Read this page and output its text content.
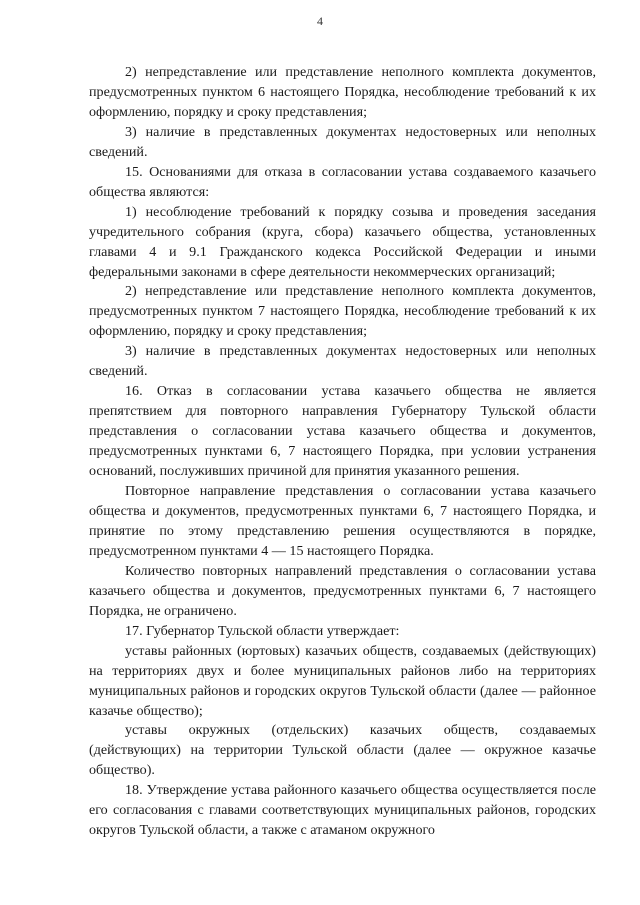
4

2) непредставление или представление неполного комплекта документов, предусмотренных пунктом 6 настоящего Порядка, несоблюдение требований к их оформлению, порядку и сроку представления;

3) наличие в представленных документах недостоверных или неполных сведений.

15. Основаниями для отказа в согласовании устава создаваемого казачьего общества являются:

1) несоблюдение требований к порядку созыва и проведения заседания учредительного собрания (круга, сбора) казачьего общества, установленных главами 4 и 9.1 Гражданского кодекса Российской Федерации и иными федеральными законами в сфере деятельности некоммерческих организаций;

2) непредставление или представление неполного комплекта документов, предусмотренных пунктом 7 настоящего Порядка, несоблюдение требований к их оформлению, порядку и сроку представления;

3) наличие в представленных документах недостоверных или неполных сведений.

16. Отказ в согласовании устава казачьего общества не является препятствием для повторного направления Губернатору Тульской области представления о согласовании устава казачьего общества и документов, предусмотренных пунктами 6, 7 настоящего Порядка, при условии устранения оснований, послуживших причиной для принятия указанного решения.

Повторное направление представления о согласовании устава казачьего общества и документов, предусмотренных пунктами 6, 7 настоящего Порядка, и принятие по этому представлению решения осуществляются в порядке, предусмотренном пунктами 4 — 15 настоящего Порядка.

Количество повторных направлений представления о согласовании устава казачьего общества и документов, предусмотренных пунктами 6, 7 настоящего Порядка, не ограничено.

17. Губернатор Тульской области утверждает:

уставы районных (юртовых) казачьих обществ, создаваемых (действующих) на территориях двух и более муниципальных районов либо на территориях муниципальных районов и городских округов Тульской области (далее — районное казачье общество);

уставы окружных (отдельских) казачьих обществ, создаваемых (действующих) на территории Тульской области (далее — окружное казачье общество).

18. Утверждение устава районного казачьего общества осуществляется после его согласования с главами соответствующих муниципальных районов, городских округов Тульской области, а также с атаманом окружного
